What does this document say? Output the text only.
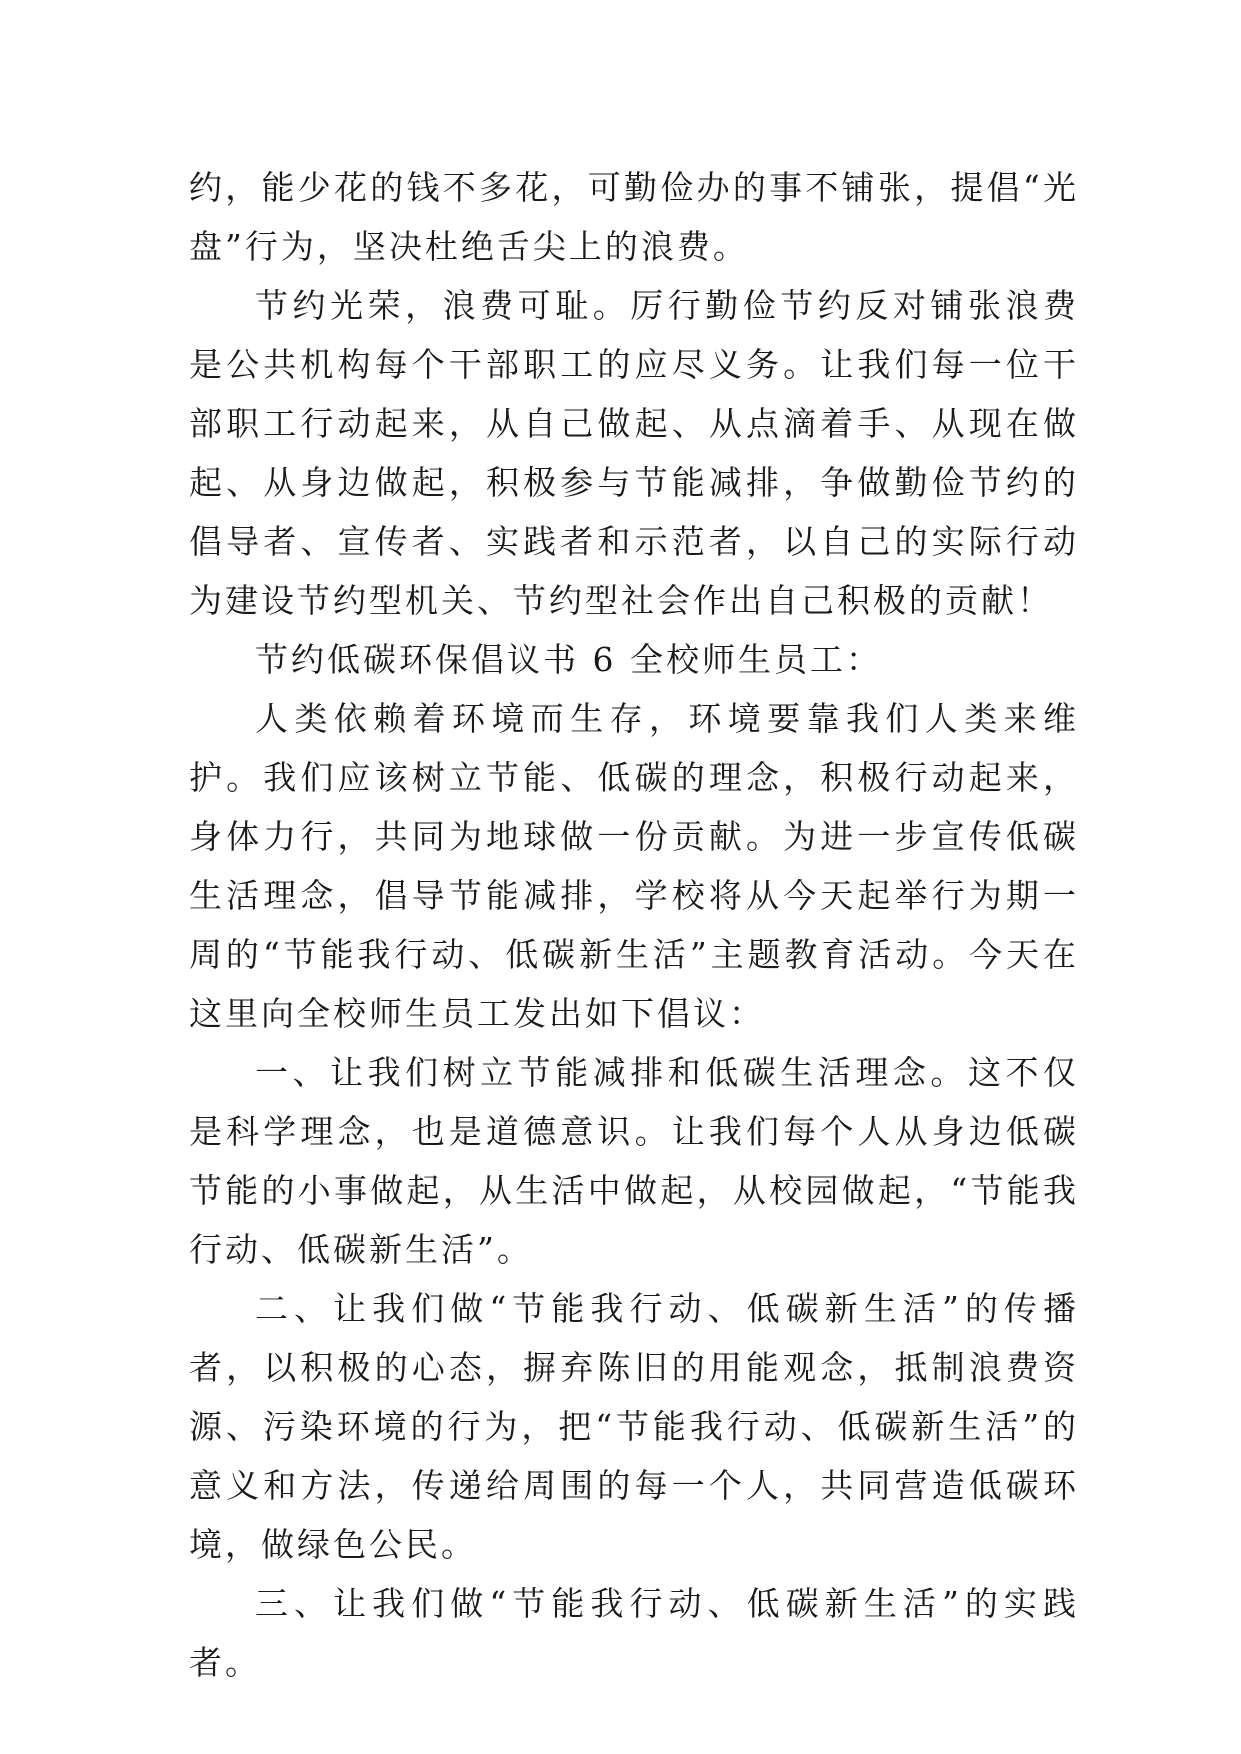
约，能少花的钱不多花，可勤俭办的事不铺张，提倡“光盘”行为，坚决杜绝舌尖上的浪费。

节约光荣，浪费可耻。厉行勤俭节约反对铺张浪费是公共机构每个干部职工的应尽义务。让我们每一位干部职工行动起来，从自己做起、从点滴着手、从现在做起、从身边做起，积极参与节能减排，争做勤俭节约的倡导者、宣传者、实践者和示范者，以自己的实际行动为建设节约型机关、节约型社会作出自己积极的贡献！

节约低碳环保倡议书 6 全校师生员工：

人类依赖着环境而生存，环境要靠我们人类来维护。我们应该树立节能、低碳的理念，积极行动起来，身体力行，共同为地球做一份贡献。为进一步宣传低碳生活理念，倡导节能减排，学校将从今天起举行为期一周的“节能我行动、低碳新生活”主题教育活动。今天在这里向全校师生员工发出如下倡议：

一、让我们树立节能减排和低碳生活理念。这不仅是科学理念，也是道德意识。让我们每个人从身边低碳节能的小事做起，从生活中做起，从校园做起，“节能我行动、低碳新生活”。

二、让我们做“节能我行动、低碳新生活”的传播者，以积极的心态，摒弃陈旧的用能观念，抵制浪费资源、污染环境的行为，把“节能我行动、低碳新生活”的意义和方法，传递给周围的每一个人，共同营造低碳环境，做绿色公民。

三、让我们做“节能我行动、低碳新生活”的实践者。
